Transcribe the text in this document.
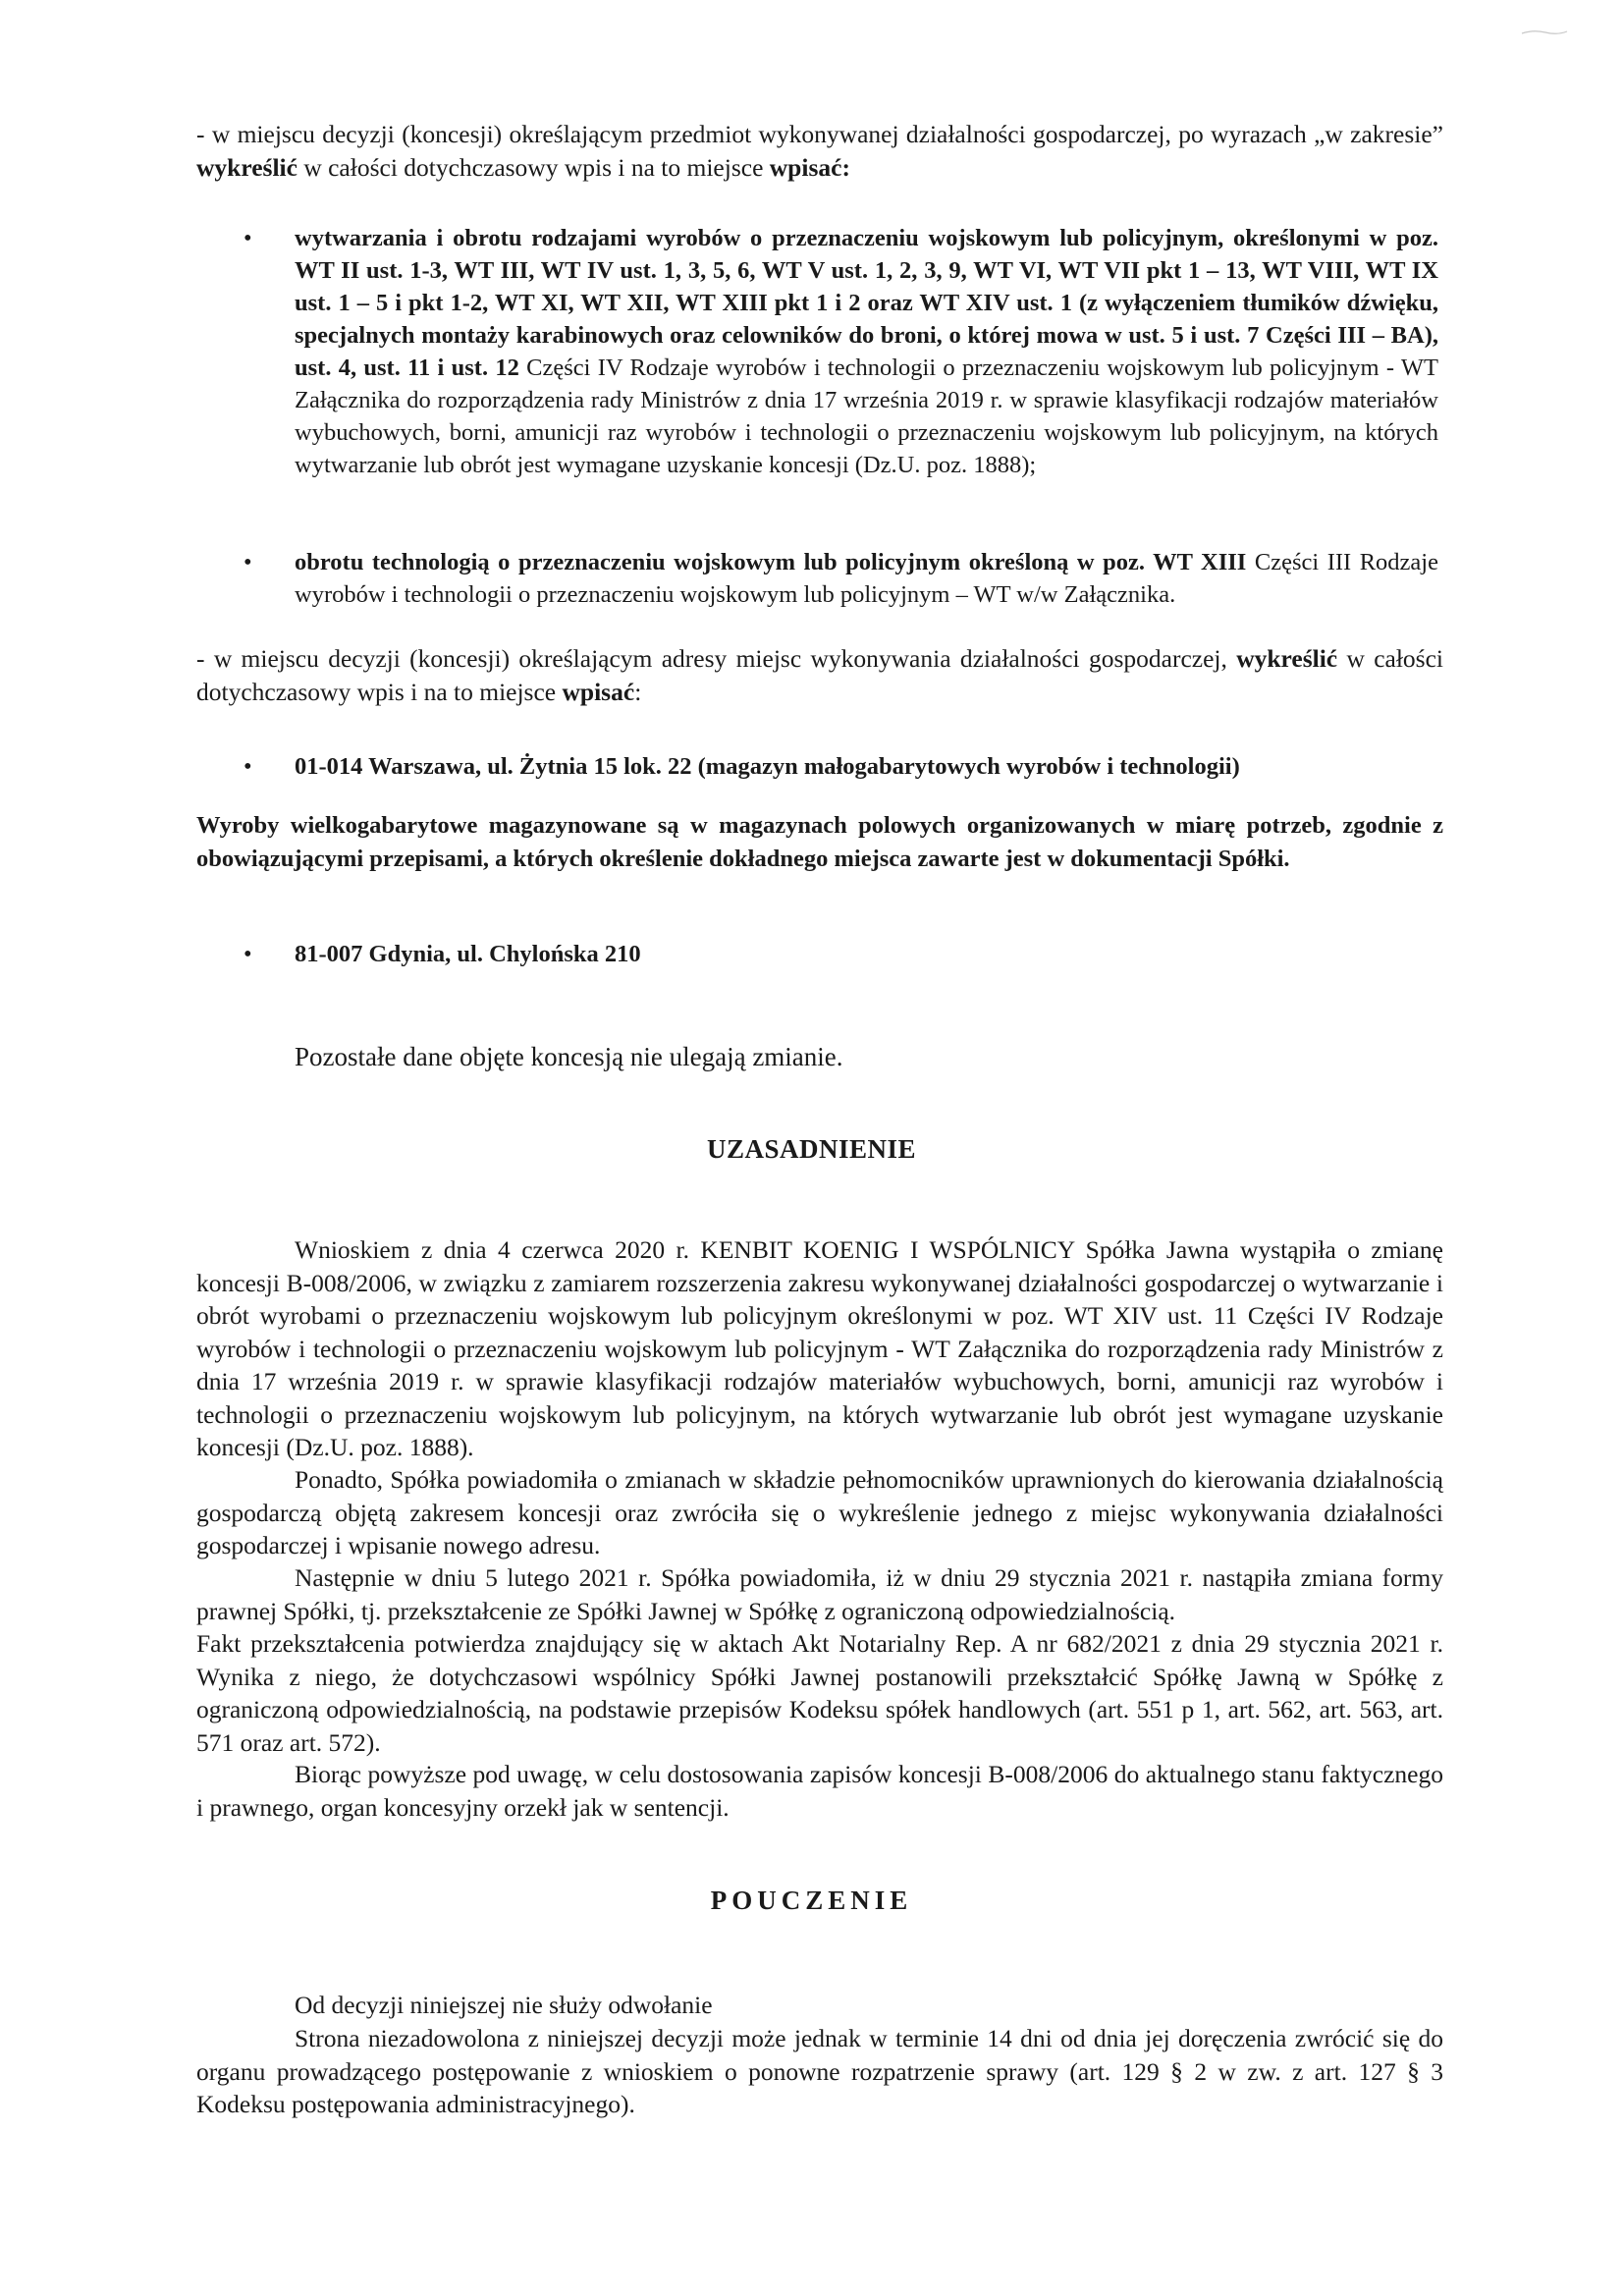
- w miejscu decyzji (koncesji) określającym przedmiot wykonywanej działalności gospodarczej, po wyrazach „w zakresie” wykreślić w całości dotychczasowy wpis i na to miejsce wpisać:

• wytwarzania i obrotu rodzajami wyrobów o przeznaczeniu wojskowym lub policyjnym, określonymi w poz. WT II ust. 1-3, WT III, WT IV ust. 1, 3, 5, 6, WT V ust. 1, 2, 3, 9, WT VI, WT VII pkt 1 – 13, WT VIII, WT IX ust. 1 – 5 i pkt 1-2, WT XI, WT XII, WT XIII pkt 1 i 2 oraz WT XIV ust. 1 (z wyłączeniem tłumików dźwięku, specjalnych montaży karabinowych oraz celowników do broni, o której mowa w ust. 5 i ust. 7 Części III – BA), ust. 4, ust. 11 i ust. 12 Części IV Rodzaje wyrobów i technologii o przeznaczeniu wojskowym lub policyjnym - WT Załącznika do rozporządzenia rady Ministrów z dnia 17 września 2019 r. w sprawie klasyfikacji rodzajów materiałów wybuchowych, borni, amunicji raz wyrobów i technologii o przeznaczeniu wojskowym lub policyjnym, na których wytwarzanie lub obrót jest wymagane uzyskanie koncesji (Dz.U. poz. 1888);
• obrotu technologią o przeznaczeniu wojskowym lub policyjnym określoną w poz. WT XIII Części III Rodzaje wyrobów i technologii o przeznaczeniu wojskowym lub policyjnym – WT w/w Załącznika.

- w miejscu decyzji (koncesji) określającym adresy miejsc wykonywania działalności gospodarczej, wykreślić w całości dotychczasowy wpis i na to miejsce wpisać:

• 01-014 Warszawa, ul. Żytnia 15 lok. 22 (magazyn małogabarytowych wyrobów i technologii)

Wyroby wielkogabarytowe magazynowane są w magazynach polowych organizowanych w miarę potrzeb, zgodnie z obowiązującymi przepisami, a których określenie dokładnego miejsca zawarte jest w dokumentacji Spółki.

• 81-007 Gdynia, ul. Chylońska 210

Pozostałe dane objęte koncesją nie ulegają zmianie.

UZASADNIENIE

Wnioskiem z dnia 4 czerwca 2020 r. KENBIT KOENIG I WSPÓLNICY Spółka Jawna wystąpiła o zmianę koncesji B-008/2006, w związku z zamiarem rozszerzenia zakresu wykonywanej działalności gospodarczej o wytwarzanie i obrót wyrobami o przeznaczeniu wojskowym lub policyjnym określonymi w poz. WT XIV ust. 11 Części IV Rodzaje wyrobów i technologii o przeznaczeniu wojskowym lub policyjnym - WT Załącznika do rozporządzenia rady Ministrów z dnia 17 września 2019 r. w sprawie klasyfikacji rodzajów materiałów wybuchowych, borni, amunicji raz wyrobów i technologii o przeznaczeniu wojskowym lub policyjnym, na których wytwarzanie lub obrót jest wymagane uzyskanie koncesji (Dz.U. poz. 1888).

Ponadto, Spółka powiadomiła o zmianach w składzie pełnomocników uprawnionych do kierowania działalnością gospodarczą objętą zakresem koncesji oraz zwróciła się o wykreślenie jednego z miejsc wykonywania działalności gospodarczej i wpisanie nowego adresu.

Następnie w dniu 5 lutego 2021 r. Spółka powiadomiła, iż w dniu 29 stycznia 2021 r. nastąpiła zmiana formy prawnej Spółki, tj. przekształcenie ze Spółki Jawnej w Spółkę z ograniczoną odpowiedzialnością.

Fakt przekształcenia potwierdza znajdujący się w aktach Akt Notarialny Rep. A nr 682/2021 z dnia 29 stycznia 2021 r. Wynika z niego, że dotychczasowi wspólnicy Spółki Jawnej postanowili przekształcić Spółkę Jawną w Spółkę z ograniczoną odpowiedzialnością, na podstawie przepisów Kodeksu spółek handlowych (art. 551 p 1, art. 562, art. 563, art. 571 oraz art. 572).

Biorąc powyższe pod uwagę, w celu dostosowania zapisów koncesji B-008/2006 do aktualnego stanu faktycznego i prawnego, organ koncesyjny orzekł jak w sentencji.

POUCZENIE

Od decyzji niniejszej nie służy odwołanie

Strona niezadowolona z niniejszej decyzji może jednak w terminie 14 dni od dnia jej doręczenia zwrócić się do organu prowadzącego postępowanie z wnioskiem o ponowne rozpatrzenie sprawy (art. 129 § 2 w zw. z art. 127 § 3 Kodeksu postępowania administracyjnego).
